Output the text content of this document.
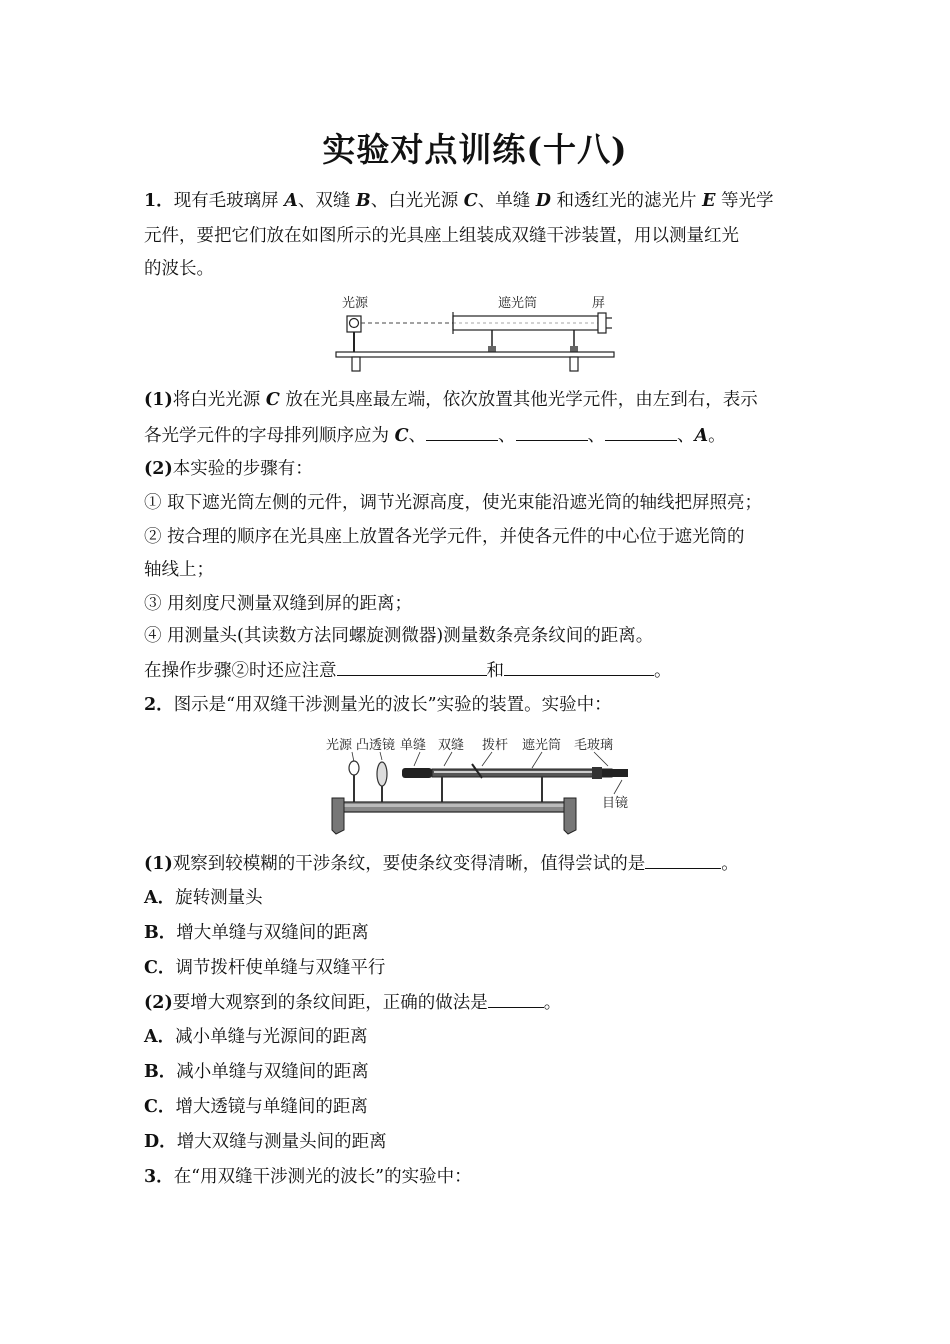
实验对点训练(十八)
1．现有毛玻璃屏 A、双缝 B、白光光源 C、单缝 D 和透红光的滤光片 E 等光学
元件，要把它们放在如图所示的光具座上组装成双缝干涉装置，用以测量红光
的波长。
光源	遮光筒	屏
(1)将白光光源 C 放在光具座最左端，依次放置其他光学元件，由左到右，表示
各光学元件的字母排列顺序应为 C、	、	、	、A。
(2)本实验的步骤有：
① 取下遮光筒左侧的元件，调节光源高度，使光束能沿遮光筒的轴线把屏照亮；
② 按合理的顺序在光具座上放置各光学元件，并使各元件的中心位于遮光筒的
轴线上；
③ 用刻度尺测量双缝到屏的距离；
④ 用测量头(其读数方法同螺旋测微器)测量数条亮条纹间的距离。
在操作步骤②时还应注意	和	。
2．图示是“用双缝干涉测量光的波长”实验的装置。实验中：
光源 凸透镜 单缝 双缝 拨杆 遮光筒 毛玻璃
目镜
(1)观察到较模糊的干涉条纹，要使条纹变得清晰，值得尝试的是	。
A．旋转测量头
B．增大单缝与双缝间的距离
C．调节拨杆使单缝与双缝平行
(2)要增大观察到的条纹间距，正确的做法是	。
A．减小单缝与光源间的距离
B．减小单缝与双缝间的距离
C．增大透镜与单缝间的距离
D．增大双缝与测量头间的距离
3．在“用双缝干涉测光的波长”的实验中：
